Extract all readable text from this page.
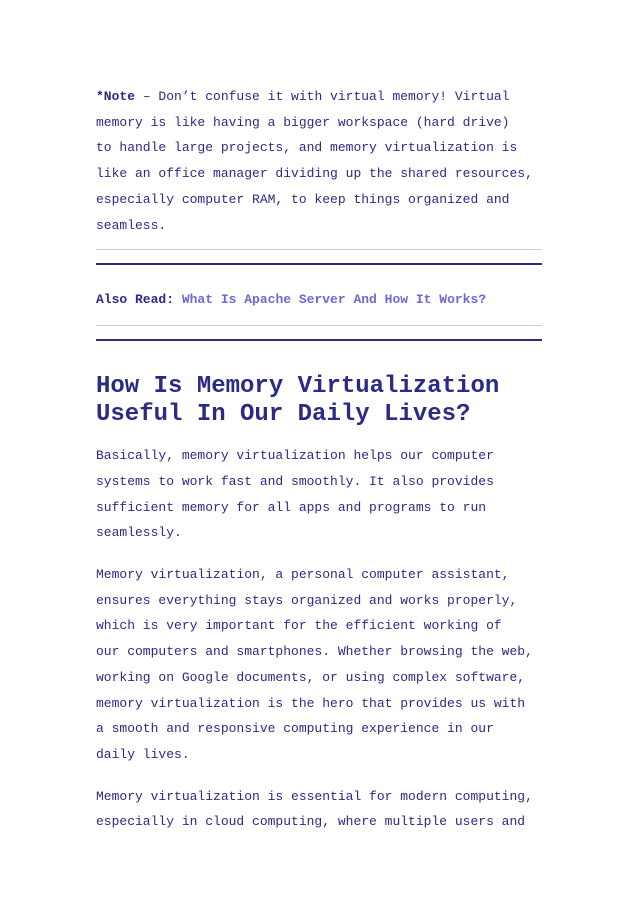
*Note – Don’t confuse it with virtual memory! Virtual
memory is like having a bigger workspace (hard drive)
to handle large projects, and memory virtualization is
like an office manager dividing up the shared resources,
especially computer RAM, to keep things organized and
seamless.

Also Read: What Is Apache Server And How It Works?

How Is Memory Virtualization
Useful In Our Daily Lives?

Basically, memory virtualization helps our computer
systems to work fast and smoothly. It also provides
sufficient memory for all apps and programs to run
seamlessly.

Memory virtualization, a personal computer assistant,
ensures everything stays organized and works properly,
which is very important for the efficient working of
our computers and smartphones. Whether browsing the web,
working on Google documents, or using complex software,
memory virtualization is the hero that provides us with
a smooth and responsive computing experience in our
daily lives.

Memory virtualization is essential for modern computing,
especially in cloud computing, where multiple users and
